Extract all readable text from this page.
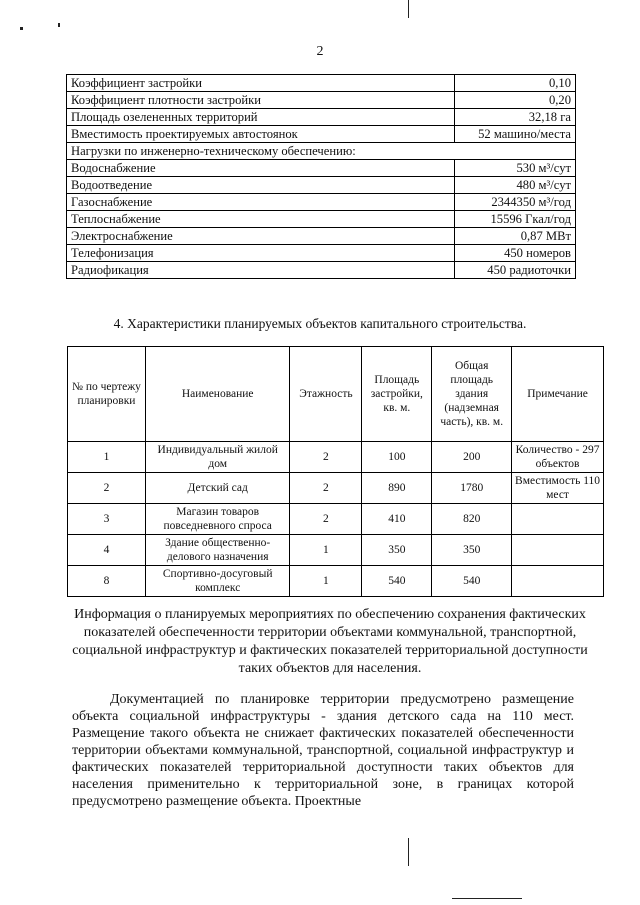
2
Коэффициент застройки	0,10
Коэффициент плотности застройки	0,20
Площадь озелененных территорий	32,18 га
Вместимость проектируемых автостоянок	52 машино/места
Нагрузки по инженерно-техническому обеспечению:	
Водоснабжение	530 м³/сут
Водоотведение	480 м³/сут
Газоснабжение	2344350 м³/год
Теплоснабжение	15596 Гкал/год
Электроснабжение	0,87 МВт
Телефонизация	450 номеров
Радиофикация	450 радиоточки
4. Характеристики планируемых объектов капитального строительства.
№ по чертежу планировки	Наименование	Этажность	Площадь застройки, кв. м.	Общая площадь здания (надземная часть), кв. м.	Примечание
1	Индивидуальный жилой дом	2	100	200	Количество - 297 объектов
2	Детский сад	2	890	1780	Вместимость 110 мест
3	Магазин товаров повседневного спроса	2	410	820	
4	Здание общественно-делового назначения	1	350	350	
8	Спортивно-досуговый комплекс	1	540	540	
Информация о планируемых мероприятиях по обеспечению сохранения фактических показателей обеспеченности территории объектами коммунальной, транспортной, социальной инфраструктур и фактических показателей территориальной доступности таких объектов для населения.

Документацией по планировке территории предусмотрено размещение объекта социальной инфраструктуры - здания детского сада на 110 мест. Размещение такого объекта не снижает фактических показателей обеспеченности территории объектами коммунальной, транспортной, социальной инфраструктур и фактических показателей территориальной доступности таких объектов для населения применительно к территориальной зоне, в границах которой предусмотрено размещение объекта. Проектные
